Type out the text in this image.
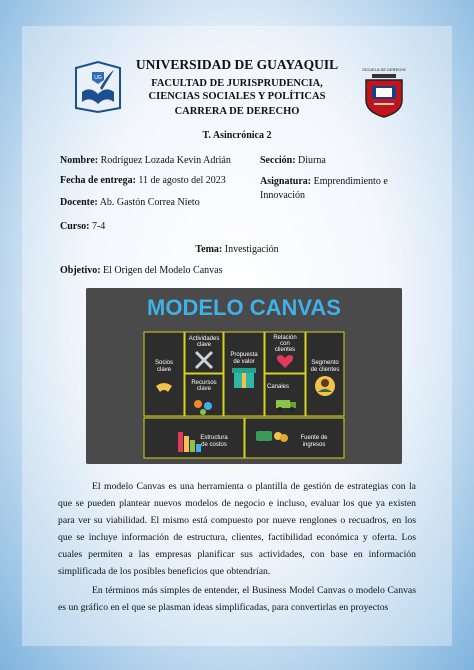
UG
ESCUELA DE DERECHO
UNIVERSIDAD DE GUAYAQUIL
FACULTAD DE JURISPRUDENCIA,
CIENCIAS SOCIALES Y POLÍTICAS
CARRERA DE DERECHO
T. Asincrónica 2
Nombre: Rodríguez Lozada Kevin Adrián	Sección: Diurna
Fecha de entrega: 11 de agosto del 2023	Asignatura: Emprendimiento e Innovación
Docente: Ab. Gastón Correa Nieto
Curso: 7-4
Tema: Investigación
Objetivo: El Origen del Modelo Canvas
MODELO CANVAS
Socios
clave
Actividades
clave
Propuesta
de valor
Relación
con
clientes
Segmento
de clientes
Recursos
clave	Canales
Estructura
de costos
Fuente de
ingresos
El modelo Canvas es una herramienta o plantilla de gestión de estrategias con la que se pueden plantear nuevos modelos de negocio e incluso, evaluar los que ya existen para ver su viabilidad. El mismo está compuesto por nueve renglones o recuadros, en los que se incluye información de estructura, clientes, factibilidad económica y oferta. Los cuales permiten a las empresas planificar sus actividades, con base en información simplificada de los posibles beneficios que obtendrían.
En términos más simples de entender, el Business Model Canvas o modelo Canvas es un gráfico en el que se plasman ideas simplificadas, para convertirlas en proyectos
